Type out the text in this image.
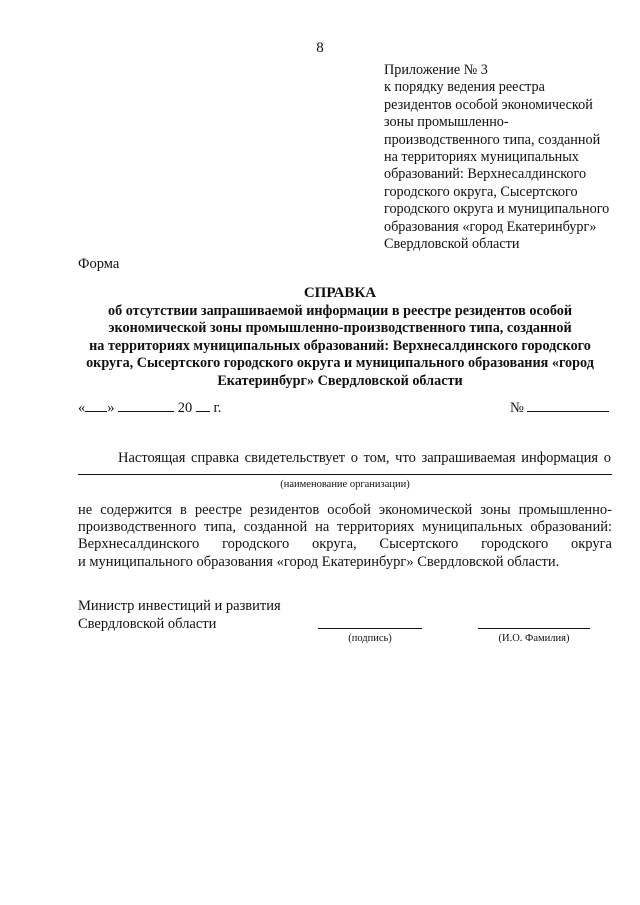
8
Приложение № 3
к порядку ведения реестра
резидентов особой экономической
зоны промышленно-
производственного типа, созданной
на территориях муниципальных
образований: Верхнесалдинского
городского округа, Сысертского
городского округа и муниципального
образования «город Екатеринбург»
Свердловской области
Форма
СПРАВКА
об отсутствии запрашиваемой информации в реестре резидентов особой
экономической зоны промышленно-производственного типа, созданной
на территориях муниципальных образований: Верхнесалдинского городского
округа, Сысертского городского округа и муниципального образования «город
Екатеринбург» Свердловской области
« »	20 г.	№
Настоящая справка свидетельствует о том, что запрашиваемая информация о
(наименование организации)
не содержится в реестре резидентов особой экономической зоны промышленно-
производственного типа, созданной на территориях муниципальных образований:
Верхнесалдинского городского округа, Сысертского городского округа
и муниципального образования «город Екатеринбург» Свердловской области.
Министр инвестиций и развития
Свердловской области
(подпись)	(И.О. Фамилия)
